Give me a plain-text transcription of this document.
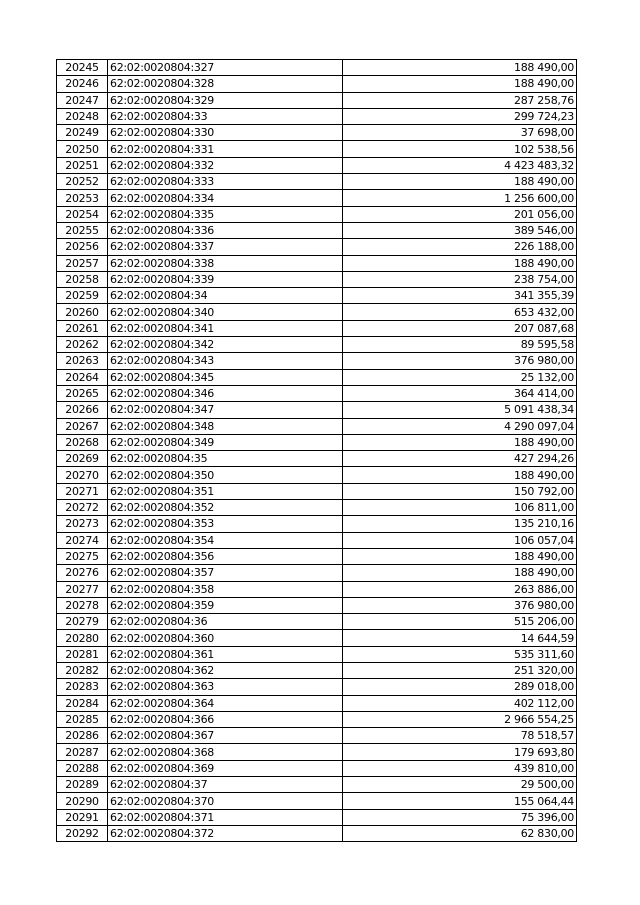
20245	62:02:0020804:327	188 490,00
20246	62:02:0020804:328	188 490,00
20247	62:02:0020804:329	287 258,76
20248	62:02:0020804:33	299 724,23
20249	62:02:0020804:330	37 698,00
20250	62:02:0020804:331	102 538,56
20251	62:02:0020804:332	4 423 483,32
20252	62:02:0020804:333	188 490,00
20253	62:02:0020804:334	1 256 600,00
20254	62:02:0020804:335	201 056,00
20255	62:02:0020804:336	389 546,00
20256	62:02:0020804:337	226 188,00
20257	62:02:0020804:338	188 490,00
20258	62:02:0020804:339	238 754,00
20259	62:02:0020804:34	341 355,39
20260	62:02:0020804:340	653 432,00
20261	62:02:0020804:341	207 087,68
20262	62:02:0020804:342	89 595,58
20263	62:02:0020804:343	376 980,00
20264	62:02:0020804:345	25 132,00
20265	62:02:0020804:346	364 414,00
20266	62:02:0020804:347	5 091 438,34
20267	62:02:0020804:348	4 290 097,04
20268	62:02:0020804:349	188 490,00
20269	62:02:0020804:35	427 294,26
20270	62:02:0020804:350	188 490,00
20271	62:02:0020804:351	150 792,00
20272	62:02:0020804:352	106 811,00
20273	62:02:0020804:353	135 210,16
20274	62:02:0020804:354	106 057,04
20275	62:02:0020804:356	188 490,00
20276	62:02:0020804:357	188 490,00
20277	62:02:0020804:358	263 886,00
20278	62:02:0020804:359	376 980,00
20279	62:02:0020804:36	515 206,00
20280	62:02:0020804:360	14 644,59
20281	62:02:0020804:361	535 311,60
20282	62:02:0020804:362	251 320,00
20283	62:02:0020804:363	289 018,00
20284	62:02:0020804:364	402 112,00
20285	62:02:0020804:366	2 966 554,25
20286	62:02:0020804:367	78 518,57
20287	62:02:0020804:368	179 693,80
20288	62:02:0020804:369	439 810,00
20289	62:02:0020804:37	29 500,00
20290	62:02:0020804:370	155 064,44
20291	62:02:0020804:371	75 396,00
20292	62:02:0020804:372	62 830,00
